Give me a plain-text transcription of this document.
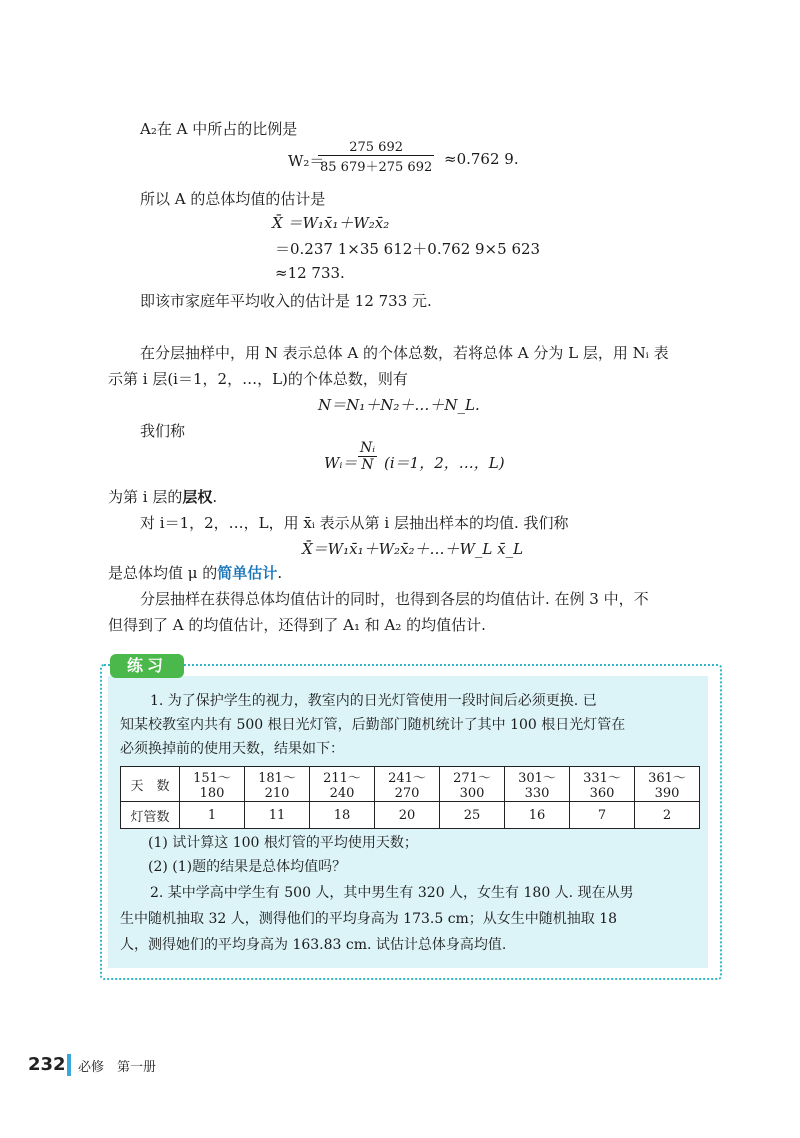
A₂在 A 中所占的比例是
W₂＝
$\frac{275 692}{85 679+275 692} \approx 0.762$ 9.
所以 A 的总体均值的估计是
X̄ ＝W₁x̄₁＋W₂x̄₂
＝0.237 1×35 612＋0.762 9×5 623
≈12 733.
即该市家庭年平均收入的估计是 12 733 元.
在分层抽样中，用 N 表示总体 A 的个体总数，若将总体 A 分为 L 层，用 Nᵢ 表
示第 i 层(i＝1，2，…，L)的个体总数，则有
N＝N₁＋N₂＋…＋N_L.
我们称
Wᵢ＝ $\frac{\text{Nᵢ}}{N} (i=1$，2，…，L)
为第 i 层的层权.
对 i＝1，2，…，L，用 x̄ᵢ 表示从第 i 层抽出样本的均值. 我们称
X̄＝W₁x̄₁＋W₂x̄₂＋…＋W_L x̄_L
是总体均值 μ 的简单估计.
分层抽样在获得总体均值估计的同时，也得到各层的均值估计. 在例 3 中，不
但得到了 A 的均值估计，还得到了 A₁ 和 A₂ 的均值估计.
练习
1. 为了保护学生的视力，教室内的日光灯管使用一段时间后必须更换. 已
知某校教室内共有 500 根日光灯管，后勤部门随机统计了其中 100 根日光灯管在
必须换掉前的使用天数，结果如下：
天　数	151～180	181～210	211～240	241～270	271～300	301～330	331～360	361～390
灯管数	1	11	18	20	25	16	7	2
(1) 试计算这 100 根灯管的平均使用天数；
(2) (1)题的结果是总体均值吗？
2. 某中学高中学生有 500 人，其中男生有 320 人，女生有 180 人. 现在从男
生中随机抽取 32 人，测得他们的平均身高为 173.5 cm；从女生中随机抽取 18
人，测得她们的平均身高为 163.83 cm. 试估计总体身高均值.
232 必修　第一册
